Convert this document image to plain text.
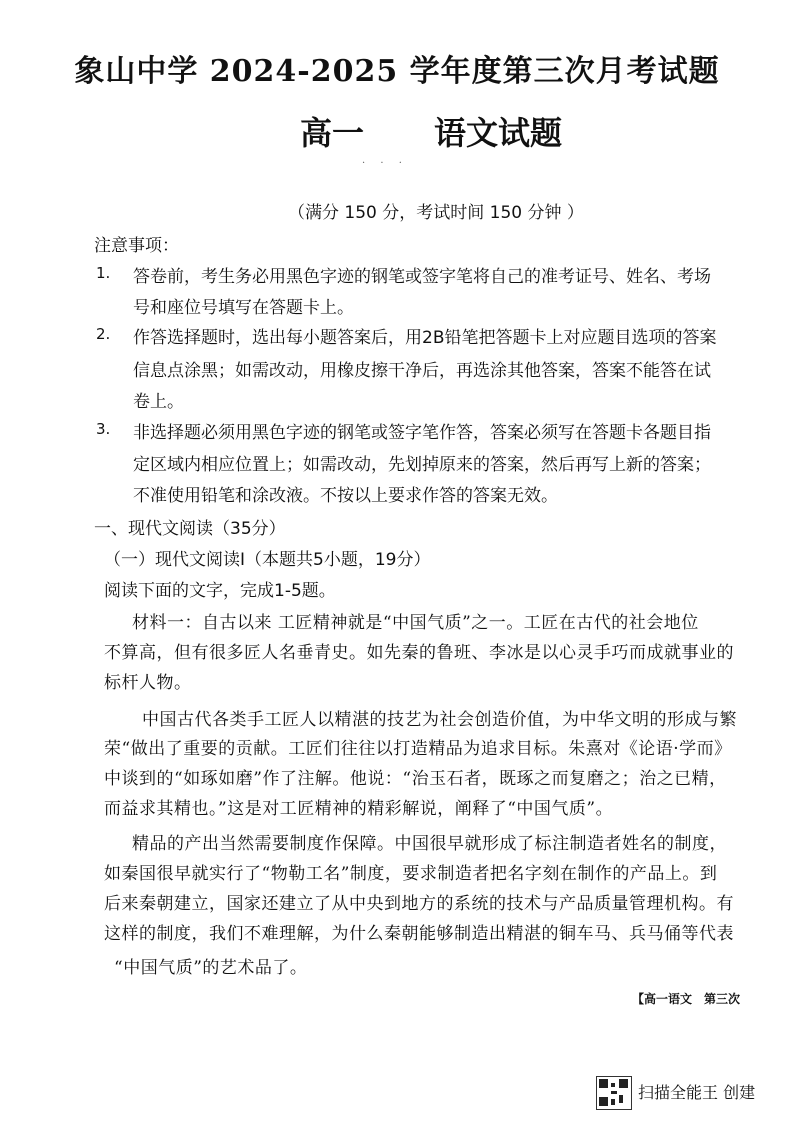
象山中学 2024-2025 学年度第三次月考试题
高一 语文试题
· · ·
（满分 150 分，考试时间 150 分钟 ）
注意事项：
1. 答卷前，考生务必用黑色字迹的钢笔或签字笔将自己的准考证号、姓名、考场
号和座位号填写在答题卡上。
2. 作答选择题时，选出每小题答案后，用2B铅笔把答题卡上对应题目选项的答案
信息点涂黑；如需改动，用橡皮擦干净后，再选涂其他答案，答案不能答在试
卷上。
3. 非选择题必须用黑色字迹的钢笔或签字笔作答，答案必须写在答题卡各题目指
定区域内相应位置上；如需改动，先划掉原来的答案，然后再写上新的答案；
不准使用铅笔和涂改液。不按以上要求作答的答案无效。
一、现代文阅读（35分）
（一）现代文阅读Ⅰ（本题共5小题，19分）
阅读下面的文字，完成1-5题。
材料一：自古以来 工匠精神就是“中国气质”之一。工匠在古代的社会地位
不算高，但有很多匠人名垂青史。如先秦的鲁班、李冰是以心灵手巧而成就事业的
标杆人物。
中国古代各类手工匠人以精湛的技艺为社会创造价值，为中华文明的形成与繁
荣“做出了重要的贡献。工匠们往往以打造精品为追求目标。朱熹对《论语·学而》
中谈到的“如琢如磨”作了注解。他说：“治玉石者，既琢之而复磨之；治之已精，
而益求其精也。”这是对工匠精神的精彩解说，阐释了“中国气质”。
精品的产出当然需要制度作保障。中国很早就形成了标注制造者姓名的制度，
如秦国很早就实行了“物勒工名”制度，要求制造者把名字刻在制作的产品上。到
后来秦朝建立，国家还建立了从中央到地方的系统的技术与产品质量管理机构。有
这样的制度，我们不难理解，为什么秦朝能够制造出精湛的铜车马、兵马俑等代表
“中国气质”的艺术品了。
【高一语文　第三次
扫描全能王 创建
